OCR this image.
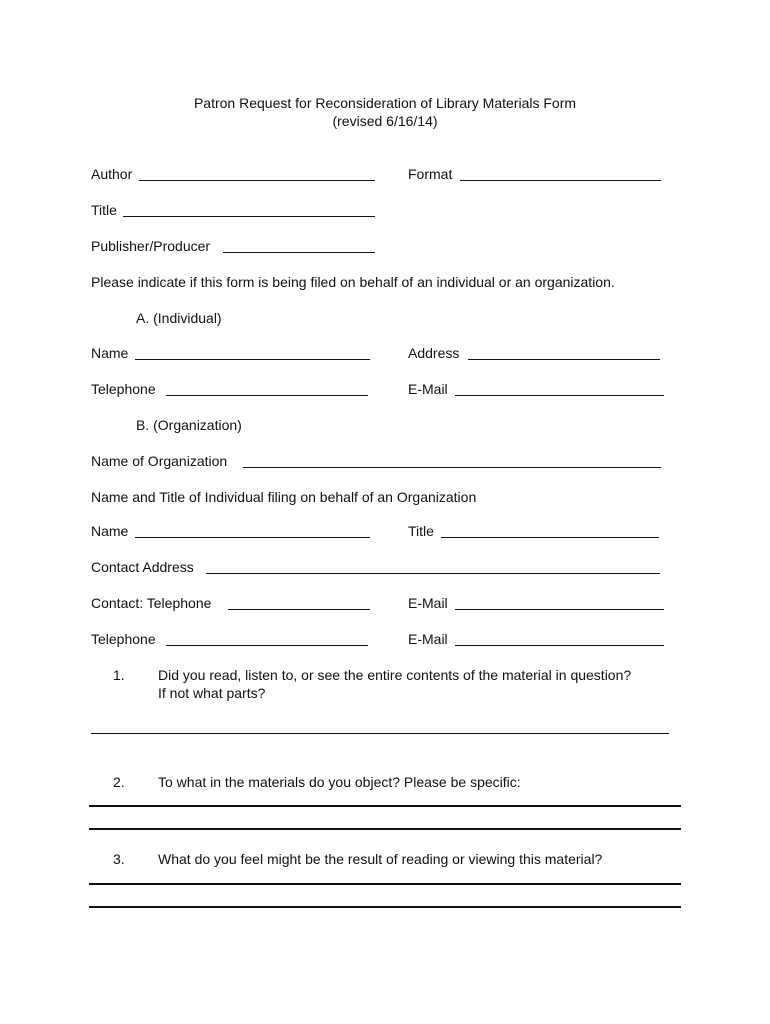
Patron Request for Reconsideration of Library Materials Form
(revised 6/16/14)
Author	Format
Title
Publisher/Producer
Please indicate if this form is being filed on behalf of an individual or an organization.
A. (Individual)
Name	Address
Telephone	E-Mail
B. (Organization)
Name of Organization
Name and Title of Individual filing on behalf of an Organization
Name	Title
Contact Address
Contact: Telephone	E-Mail
Telephone	E-Mail
1. Did you read, listen to, or see the entire contents of the material in question?
If not what parts?
2. To what in the materials do you object? Please be specific:
3. What do you feel might be the result of reading or viewing this material?
